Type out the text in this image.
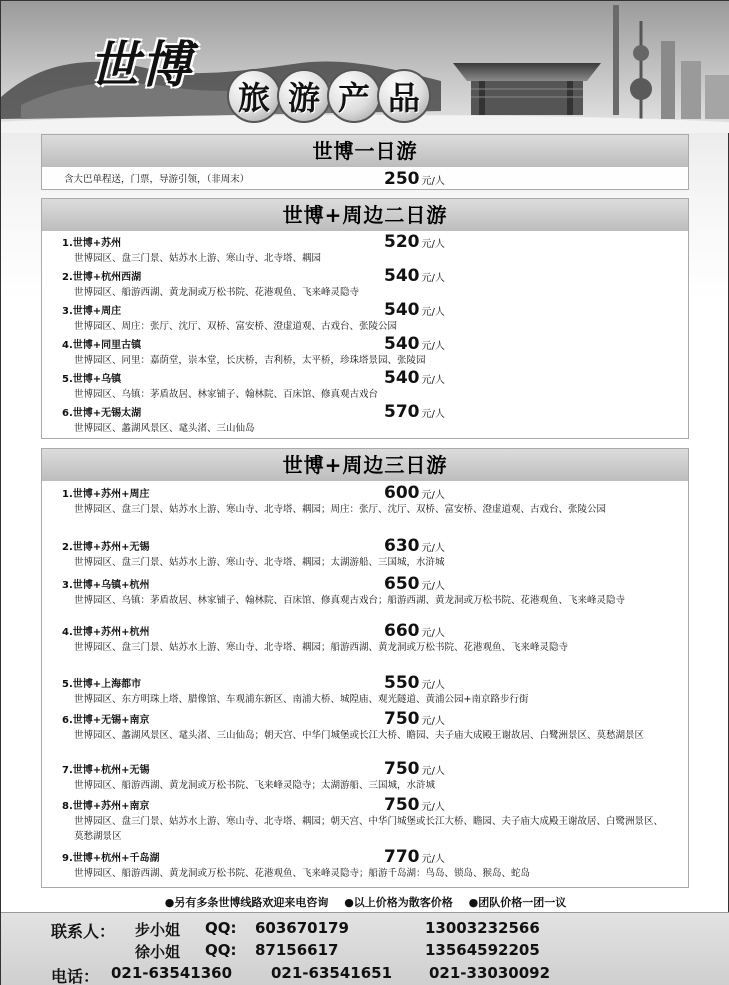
世博
旅 游 产 品
世博一日游
含大巴单程送，门票，导游引领，（非周末）	250 元/人
世博+周边二日游
1.世博+苏州
世博园区、盘三门景、姑苏水上游、寒山寺、北寺塔、耦园
520 元/人
2.世博+杭州西湖
世博园区、船游西湖、黄龙洞或万松书院、花港观鱼、飞来峰灵隐寺
540 元/人
3.世博+周庄
世博园区、周庄：张厅、沈厅、双桥、富安桥、澄虚道观、古戏台、张陵公园
540 元/人
4.世博+同里古镇
世博园区、同里：嘉荫堂，崇本堂，长庆桥，吉利桥，太平桥，珍珠塔景园、张陵园
540 元/人
5.世博+乌镇
世博园区、乌镇：茅盾故居、林家铺子、翰林院、百床馆、修真观古戏台
540 元/人
6.世博+无锡太湖
世博园区、蠡湖风景区、鼋头渚、三山仙岛
570 元/人
世博+周边三日游
1.世博+苏州+周庄
世博园区、盘三门景、姑苏水上游、寒山寺、北寺塔、耦园；周庄：张厅、沈厅、双桥、富安桥、澄虚道观、古戏台、张陵公园
600 元/人
2.世博+苏州+无锡
世博园区、盘三门景、姑苏水上游、寒山寺、北寺塔、耦园；太湖游船、三国城，水浒城
630 元/人
3.世博+乌镇+杭州
世博园区、乌镇：茅盾故居、林家铺子、翰林院、百床馆、修真观古戏台；船游西湖、黄龙洞或万松书院、花港观鱼、飞来峰灵隐寺
650 元/人
4.世博+苏州+杭州
世博园区、盘三门景、姑苏水上游、寒山寺、北寺塔、耦园；船游西湖、黄龙洞或万松书院、花港观鱼、飞来峰灵隐寺
660 元/人
5.世博+上海都市
世博园区、东方明珠上塔、腊像馆、车观浦东新区、南浦大桥、城隍庙、观光隧道、黄浦公园+南京路步行街
550 元/人
6.世博+无锡+南京
世博园区、蠡湖风景区、鼋头渚、三山仙岛；朝天宫、中华门城堡或长江大桥、瞻园、夫子庙大成殿王谢故居、白鹭洲景区、莫愁湖景区
750 元/人
7.世博+杭州+无锡
世博园区、船游西湖、黄龙洞或万松书院、飞来峰灵隐寺；太湖游船、三国城，水浒城
750 元/人
8.世博+苏州+南京
世博园区、盘三门景、姑苏水上游、寒山寺、北寺塔、耦园；朝天宫、中华门城堡或长江大桥、瞻园、夫子庙大成殿王谢故居、白鹭洲景区、莫愁湖景区
750 元/人
9.世博+杭州+千岛湖
世博园区、船游西湖、黄龙洞或万松书院、花港观鱼、飞来峰灵隐寺；船游千岛湖：鸟岛、锁岛、猴岛、蛇岛
770 元/人
●另有多条世博线路欢迎来电咨询 ●以上价格为散客价格 ●团队价格一团一议
联系人： 步小姐 QQ: 603670179	13003232566
徐小姐 QQ: 87156617	13564592205
电话： 021-63541360	021-63541651 021-33030092
